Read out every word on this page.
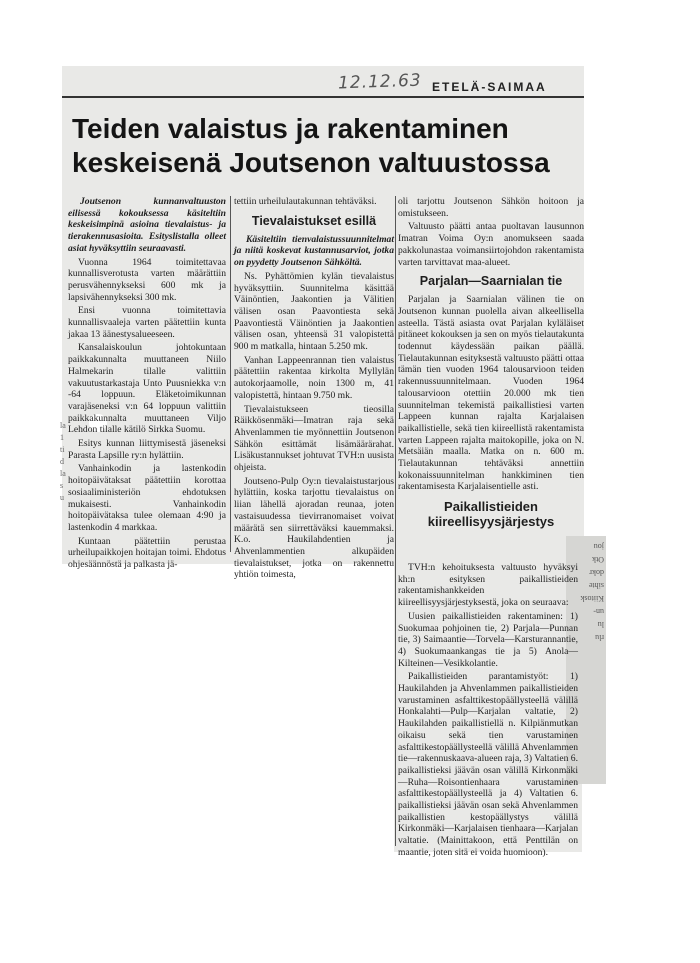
jou
Otk
dokr
sihte
Kiitosk
un-
lu
rlu
la
1
ti
d
la
s
u
12.12.63 ETELÄ-SAIMAA
Teiden valaistus ja rakentaminen keskeisenä Joutsenon valtuustossa

Joutsenon kunnanvaltuuston eilisessä kokouksessa käsiteltiin keskeisimpinä asioina tievalaistus- ja tierakennusasioita. Esityslistalla olleet asiat hyväksyttiin seuraavasti.

Vuonna 1964 toimitettavaa kunnallisverotusta varten määrättiin perusvähennykseksi 600 mk ja lapsivähennykseksi 300 mk.

Ensi vuonna toimitettavia kunnallisvaaleja varten päätettiin kunta jakaa 13 äänestysalueeseen.

Kansalaiskoulun johtokuntaan paikkakunnalta muuttaneen Niilo Halmekarin tilalle valittiin vakuutustarkastaja Unto Puusniekka v:n -64 loppuun. Eläketoimikunnan varajäseneksi v:n 64 loppuun valittiin paikkakunnalta muuttaneen Viljo Lehdon tilalle kätilö Sirkka Suomu.

Esitys kunnan liittymisestä jäseneksi Parasta Lapsille ry:n hylättiin.

Vanhainkodin ja lastenkodin hoitopäivätaksat päätettiin korottaa sosiaaliministeriön ehdotuksen mukaisesti. Vanhainkodin hoitopäivätaksa tulee olemaan 4:90 ja lastenkodin 4 markkaa.

Kuntaan päätettiin perustaa urheilupaikkojen hoitajan toimi. Ehdotus ohjesäännöstä ja palkasta jä-

tettiin urheilulautakunnan tehtäväksi.

Tievalaistukset esillä

Käsiteltiin tienvalaistussuunnitelmat ja niitä koskevat kustannusarviot, jotka on pyydetty Joutsenon Sähköltä.

Ns. Pyhättömien kylän tievalaistus hyväksyttiin. Suunnitelma käsittää Väinöntien, Jaakontien ja Välitien välisen osan Paavontiesta sekä Paavontiestä Väinöntien ja Jaakontien välisen osan, yhteensä 31 valopistettä 900 m matkalla, hintaan 5.250 mk.

Vanhan Lappeenrannan tien valaistus päätettiin rakentaa kirkolta Myllylän autokorjaamolle, noin 1300 m, 41 valopistettä, hintaan 9.750 mk.

Tievalaistukseen tieosilla Räikkösenmäki—Imatran raja sekä Ahvenlammen tie myönnettiin Joutsenon Sähkön esittämät lisämäärärahat. Lisäkustannukset johtuvat TVH:n uusista ohjeista.

Joutseno-Pulp Oy:n tievalaistustarjous hylättiin, koska tarjottu tievalaistus on liian lähellä ajoradan reunaa, joten vastaisuudessa tievirranomaiset voivat määrätä sen siirrettäväksi kauemmaksi. K.o. Haukilahdentien ja Ahvenlammentien alkupäiden tievalaistukset, jotka on rakennettu yhtiön toimesta,

oli tarjottu Joutsenon Sähkön hoitoon ja omistukseen.

Valtuusto päätti antaa puoltavan lausunnon Imatran Voima Oy:n anomukseen saada pakkolunastaa voimansiirtojohdon rakentamista varten tarvittavat maa-alueet.

Parjalan—Saarnialan tie

Parjalan ja Saarnialan välinen tie on Joutsenon kunnan puolella aivan alkeellisella asteella. Tästä asiasta ovat Parjalan kyläläiset pitäneet kokouksen ja sen on myös tielautakunta todennut käydessään paikan päällä. Tielautakunnan esityksestä valtuusto päätti ottaa tämän tien vuoden 1964 talousarvioon teiden rakennussuunnitelmaan. Vuoden 1964 talousarvioon otettiin 20.000 mk tien suunnitelman tekemistä paikallistiesi varten Lappeen kunnan rajalta Karjalaisen paikallistielle, sekä tien kiireellistä rakentamista varten Lappeen rajalta maitokopille, joka on N. Metsäiän maalla. Matka on n. 600 m. Tielautakunnan tehtäväksi annettiin kokonaissuunnitelman hankkiminen tien rakentamisesta Karjalaisentielle asti.

Paikallistieiden kiireellisyysjärjestys

TVH:n kehoituksesta valtuusto hyväksyi kh:n esityksen paikallistieiden rakentamishankkeiden kiireellisyysjärjestyksestä, joka on seuraava:

Uusien paikallistieiden rakentaminen: 1) Suokumaa pohjoinen tie, 2) Parjala—Punnan tie, 3) Saimaantie—Torvela—Karsturannantie, 4) Suokumaankangas tie ja 5) Anola—Kilteinen—Vesikkolantie.

Paikallistieiden parantamistyöt: 1) Haukilahden ja Ahvenlammen paikallistieiden varustaminen asfalttikestopäällysteellä välillä Honkalahti—Pulp—Karjalan valtatie, 2) Haukilahden paikallistiellä n. Kilpiänmutkan oikaisu sekä tien varustaminen asfalttikestopäällysteellä välillä Ahvenlammen tie—rakennuskaava-alueen raja, 3) Valtatien 6. paikallistieksi jäävän osan välillä Kirkonmäki—Ruha—Roisontienhaara varustaminen asfalttikestopäällysteellä ja 4) Valtatien 6. paikallistieksi jäävän osan sekä Ahvenlammen paikallistien kestopäällystys välillä Kirkonmäki—Karjalaisen tienhaara—Karjalan valtatie. (Mainittakoon, että Penttilän on maantie, joten sitä ei voida huomioon).
